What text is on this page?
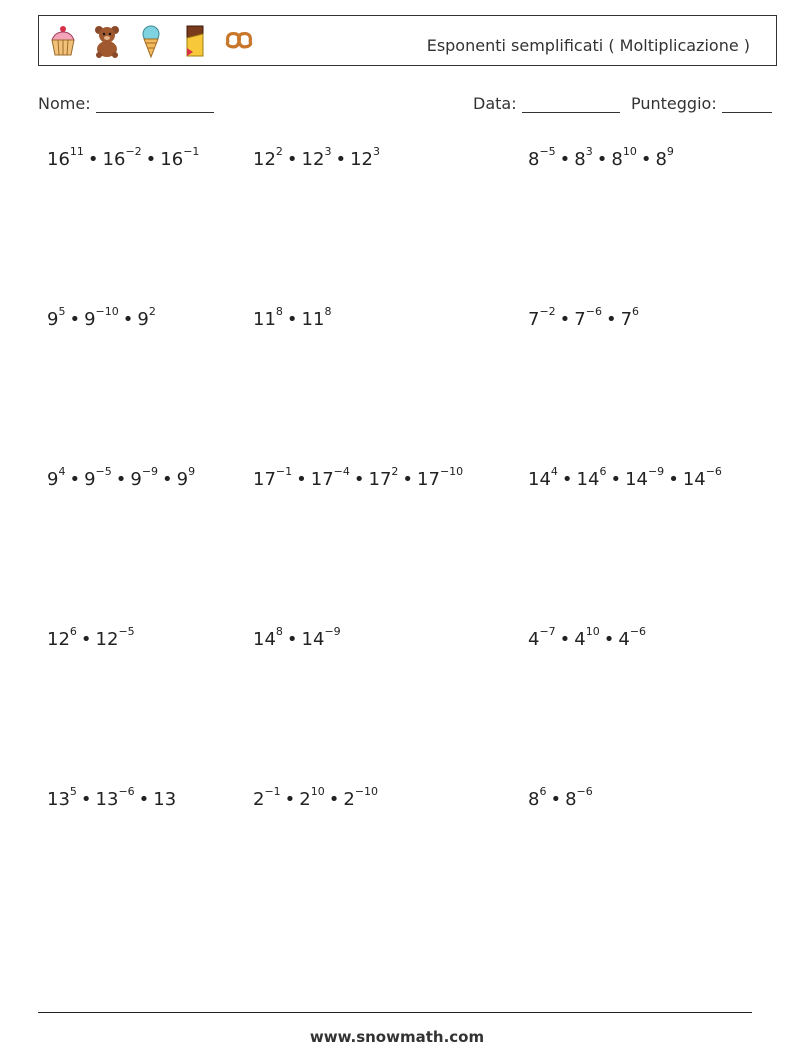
Esponenti semplificati ( Moltiplicazione )
Nome:	Data:	Punteggio:
$16^{11}$ • $16^{-2}$ • $16^{-1}$	$12^2$ • $12^3$ • $12^3$	$8^{-5}$ • $8^3$ • $8^{10}$ • $8^9$
$9^5$ • $9^{-10}$ • $9^2$	$11^8$ • $11^8$	$7^{-2}$ • $7^{-6}$ • $7^6$
$9^4$ • $9^{-5}$ • $9^{-9}$ • $9^9$	$17^{-1}$ • $17^{-4}$ • $17^2$ • $17^{-10}$	$14^4$ • $14^6$ • $14^{-9}$ • $14^{-6}$
$12^6$ • $12^{-5}$	$14^8$ • $14^{-9}$	$4^{-7}$ • $4^{10}$ • $4^{-6}$
$13^5$ • $13^{-6}$ • 13	$2^{-1}$ • $2^{10}$ • $2^{-10}$	$8^6$ • $8^{-6}$
www.snowmath.com
